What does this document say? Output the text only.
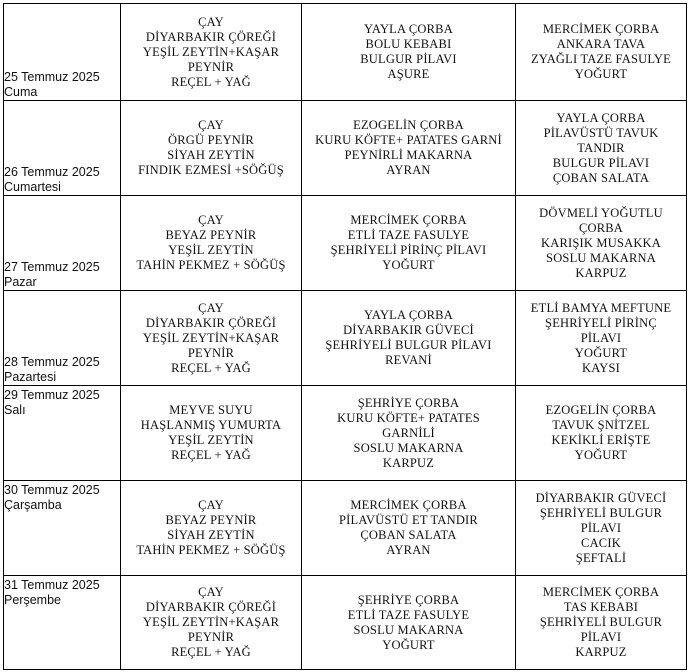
25 Temmuz 2025
Cuma	ÇAY
DİYARBAKIR ÇÖREĞİ
YEŞİL ZEYTİN+KAŞAR
PEYNİR
REÇEL + YAĞ	YAYLA ÇORBA
BOLU KEBABI
BULGUR PİLAVI
AŞURE	MERCİMEK ÇORBA
ANKARA TAVA
ZYAĞLI TAZE FASULYE
YOĞURT

26 Temmuz 2025
Cumartesi	ÇAY
ÖRGÜ PEYNİR
SİYAH ZEYTİN
FINDIK EZMESİ +SÖĞÜŞ	EZOGELİN ÇORBA
KURU KÖFTE+ PATATES GARNİ
PEYNİRLİ MAKARNA
AYRAN	YAYLA ÇORBA
PİLAVÜSTÜ TAVUK
TANDIR
BULGUR PİLAVI
ÇOBAN SALATA

27 Temmuz 2025
Pazar	ÇAY
BEYAZ PEYNİR
YEŞİL ZEYTİN
TAHİN PEKMEZ + SÖĞÜŞ	MERCİMEK ÇORBA
ETLİ TAZE FASULYE
ŞEHRİYELİ PİRİNÇ PİLAVI
YOĞURT	DÖVMELİ YOĞUTLU
ÇORBA
KARIŞIK MUSAKKA
SOSLU MAKARNA
KARPUZ

28 Temmuz 2025
Pazartesi	ÇAY
DİYARBAKIR ÇÖREĞİ
YEŞİL ZEYTİN+KAŞAR
PEYNİR
REÇEL + YAĞ	YAYLA ÇORBA
DİYARBAKIR GÜVECİ
ŞEHRİYELİ BULGUR PİLAVI
REVANİ	ETLİ BAMYA MEFTUNE
ŞEHRİYELİ PİRİNÇ
PİLAVI
YOĞURT
KAYSI

29 Temmuz 2025
Salı	MEYVE SUYU
HAŞLANMIŞ YUMURTA
YEŞİL ZEYTİN
REÇEL + YAĞ	ŞEHRİYE ÇORBA
KURU KÖFTE+ PATATES
GARNİLİ
SOSLU MAKARNA
KARPUZ	EZOGELİN ÇORBA
TAVUK ŞNİTZEL
KEKİKLİ ERİŞTE
YOĞURT

30 Temmuz 2025
Çarşamba	ÇAY
BEYAZ PEYNİR
SİYAH ZEYTİN
TAHİN PEKMEZ + SÖĞÜŞ	MERCİMEK ÇORBA
PİLAVÜSTÜ ET TANDIR
ÇOBAN SALATA
AYRAN	DİYARBAKIR GÜVECİ
ŞEHRİYELİ BULGUR
PİLAVI
CACIK
ŞEFTALİ

31 Temmuz 2025
Perşembe	ÇAY
DİYARBAKIR ÇÖREĞİ
YEŞİL ZEYTİN+KAŞAR
PEYNİR
REÇEL + YAĞ	ŞEHRİYE ÇORBA
ETLİ TAZE FASULYE
SOSLU MAKARNA
YOĞURT	MERCİMEK ÇORBA
TAS KEBABI
ŞEHRİYELİ BULGUR
PİLAVI
KARPUZ
